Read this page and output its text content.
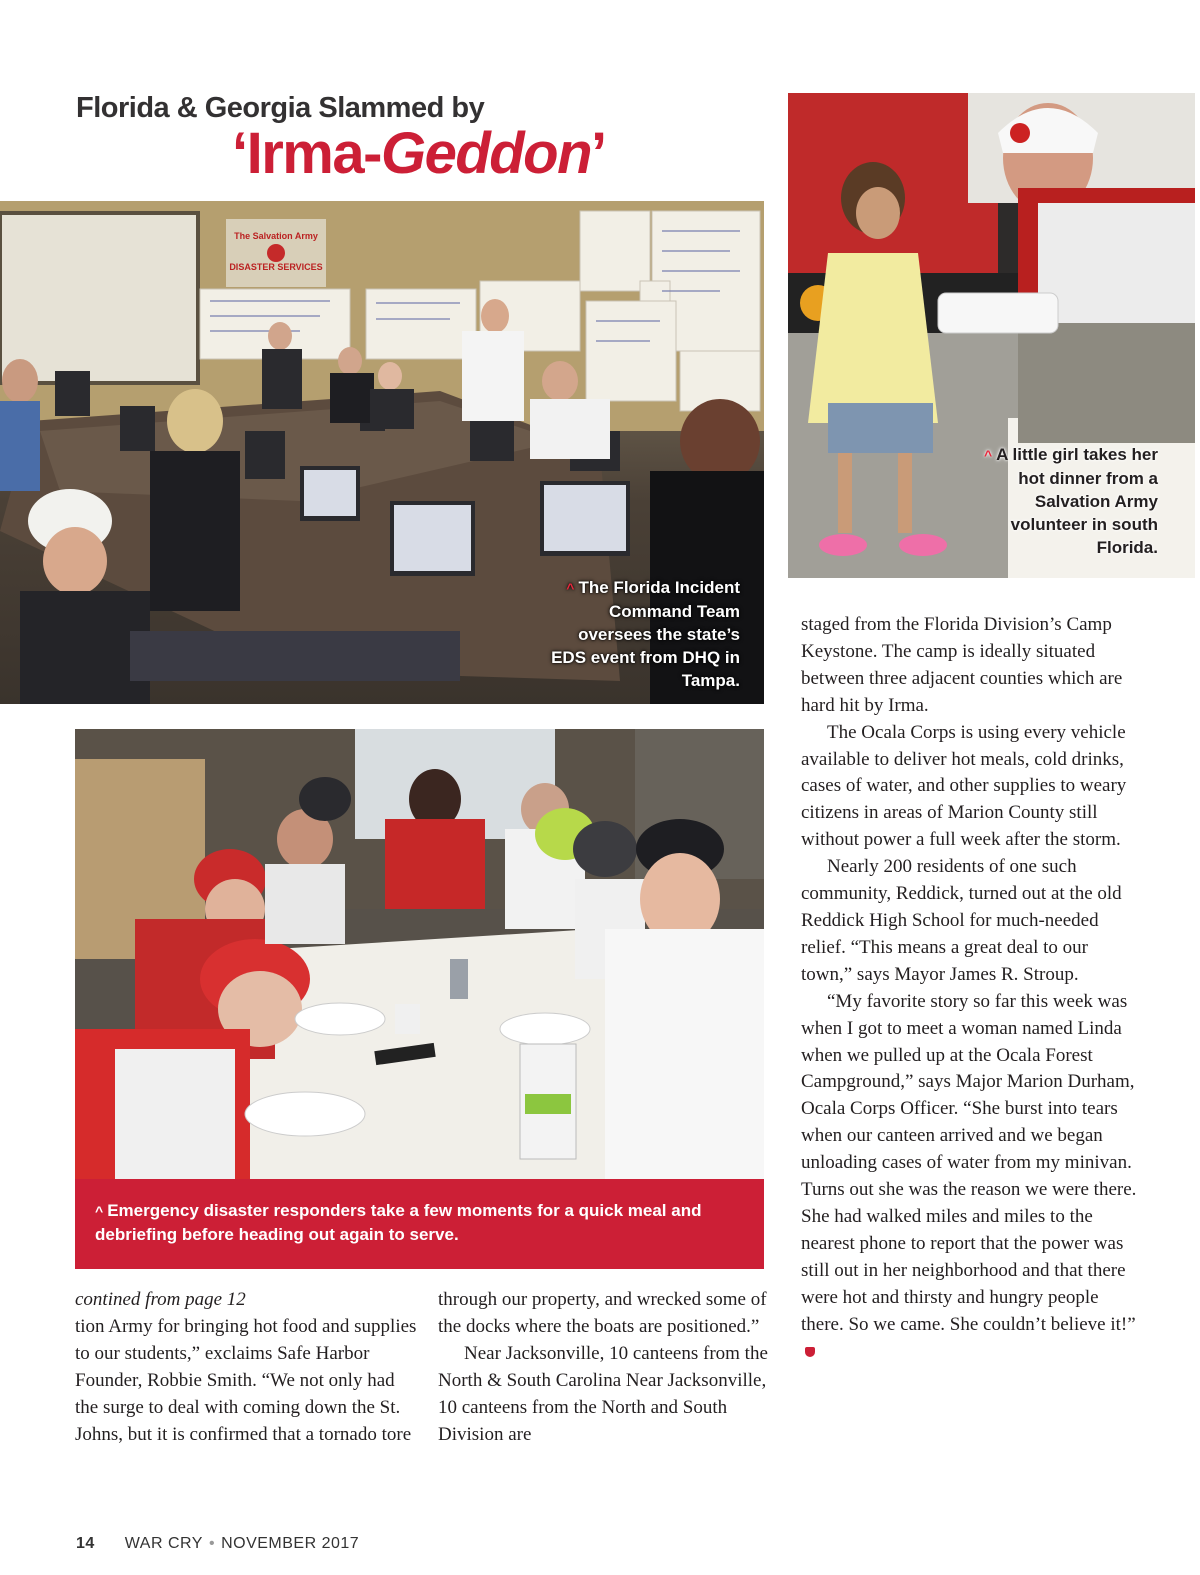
Florida & Georgia Slammed by
‘Irma-Geddon’
The Salvation Army
DISASTER SERVICES
^ The Florida Incident Command Team oversees the state’s EDS event from DHQ in Tampa.
^ A little girl takes her hot dinner from a Salvation Army volunteer in south Florida.
^ Emergency disaster responders take a few moments for a quick meal and debriefing before heading out again to serve.

contined from page 12

tion Army for bringing hot food and supplies to our students,” exclaims Safe Harbor Founder, Robbie Smith. “We not only had the surge to deal with coming down the St. Johns, but it is confirmed that a tornado tore

through our property, and wrecked some of the docks where the boats are positioned.”

Near Jacksonville, 10 canteens from the North & South Carolina Near Jacksonville, 10 canteens from the North and South Division are

staged from the Florida Division’s Camp Keystone. The camp is ideally situated between three adjacent counties which are hard hit by Irma.

The Ocala Corps is using every vehicle available to deliver hot meals, cold drinks, cases of water, and other supplies to weary citizens in areas of Marion County still without power a full week after the storm.

Nearly 200 residents of one such community, Reddick, turned out at the old Reddick High School for much-needed relief. “This means a great deal to our town,” says Mayor James R. Stroup.

“My favorite story so far this week was when I got to meet a woman named Linda when we pulled up at the Ocala Forest Campground,” says Major Marion Durham, Ocala Corps Officer. “She burst into tears when our canteen arrived and we began unloading cases of water from my minivan. Turns out she was the reason we were there. She had walked miles and miles to the nearest phone to report that the power was still out in her neighborhood and that there were hot and thirsty and hungry people there. So we came. She couldn’t believe it!”

14 WAR CRY • NOVEMBER 2017
